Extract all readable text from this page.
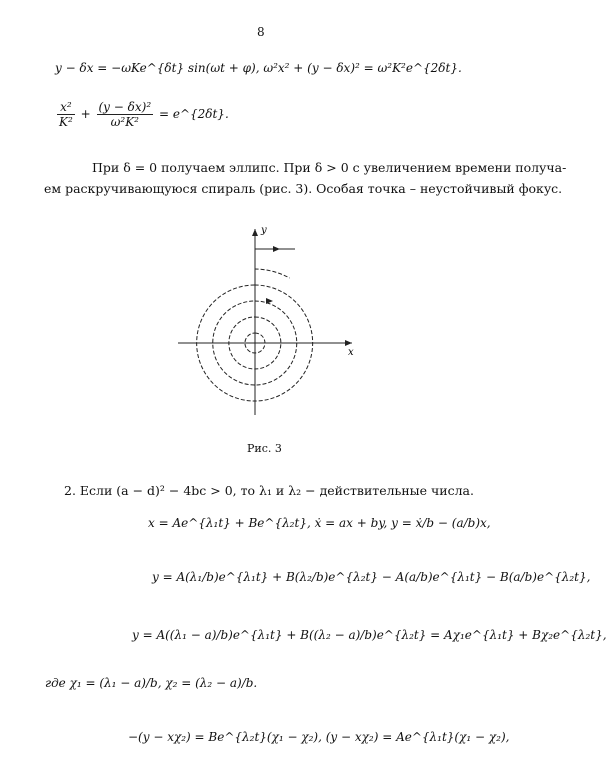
8
y − δx = −ωKe^{δt} sin(ωt + φ), ω²x² + (y − δx)² = ω²K²e^{2δt}.
$\frac{\text{x²}}{\text{K²}} + \frac{\text{(y − δx)²}}{\text{ω²K²}}$ = e^{2δt}.
При δ = 0 получаем эллипс. При δ > 0 с увеличением времени получа-
ем раскручивающуюся спираль (рис. 3). Особая точка – неустойчивый фокус.
y
x
Рис. 3
2. Если (a − d)² − 4bc > 0, то λ₁ и λ₂ − действительные числа.
x = Ae^{λ₁t} + Be^{λ₂t}, ẋ = ax + by, y = ẋ/b − (a/b)x,
y = A(λ₁/b)e^{λ₁t} + B(λ₂/b)e^{λ₂t} − A(a/b)e^{λ₁t} − B(a/b)e^{λ₂t},
y = A((λ₁ − a)/b)e^{λ₁t} + B((λ₂ − a)/b)e^{λ₂t} = Aχ₁e^{λ₁t} + Bχ₂e^{λ₂t},
где χ₁ = (λ₁ − a)/b, χ₂ = (λ₂ − a)/b.
−(y − xχ₂) = Be^{λ₂t}(χ₁ − χ₂), (y − xχ₂) = Ae^{λ₁t}(χ₁ − χ₂),
